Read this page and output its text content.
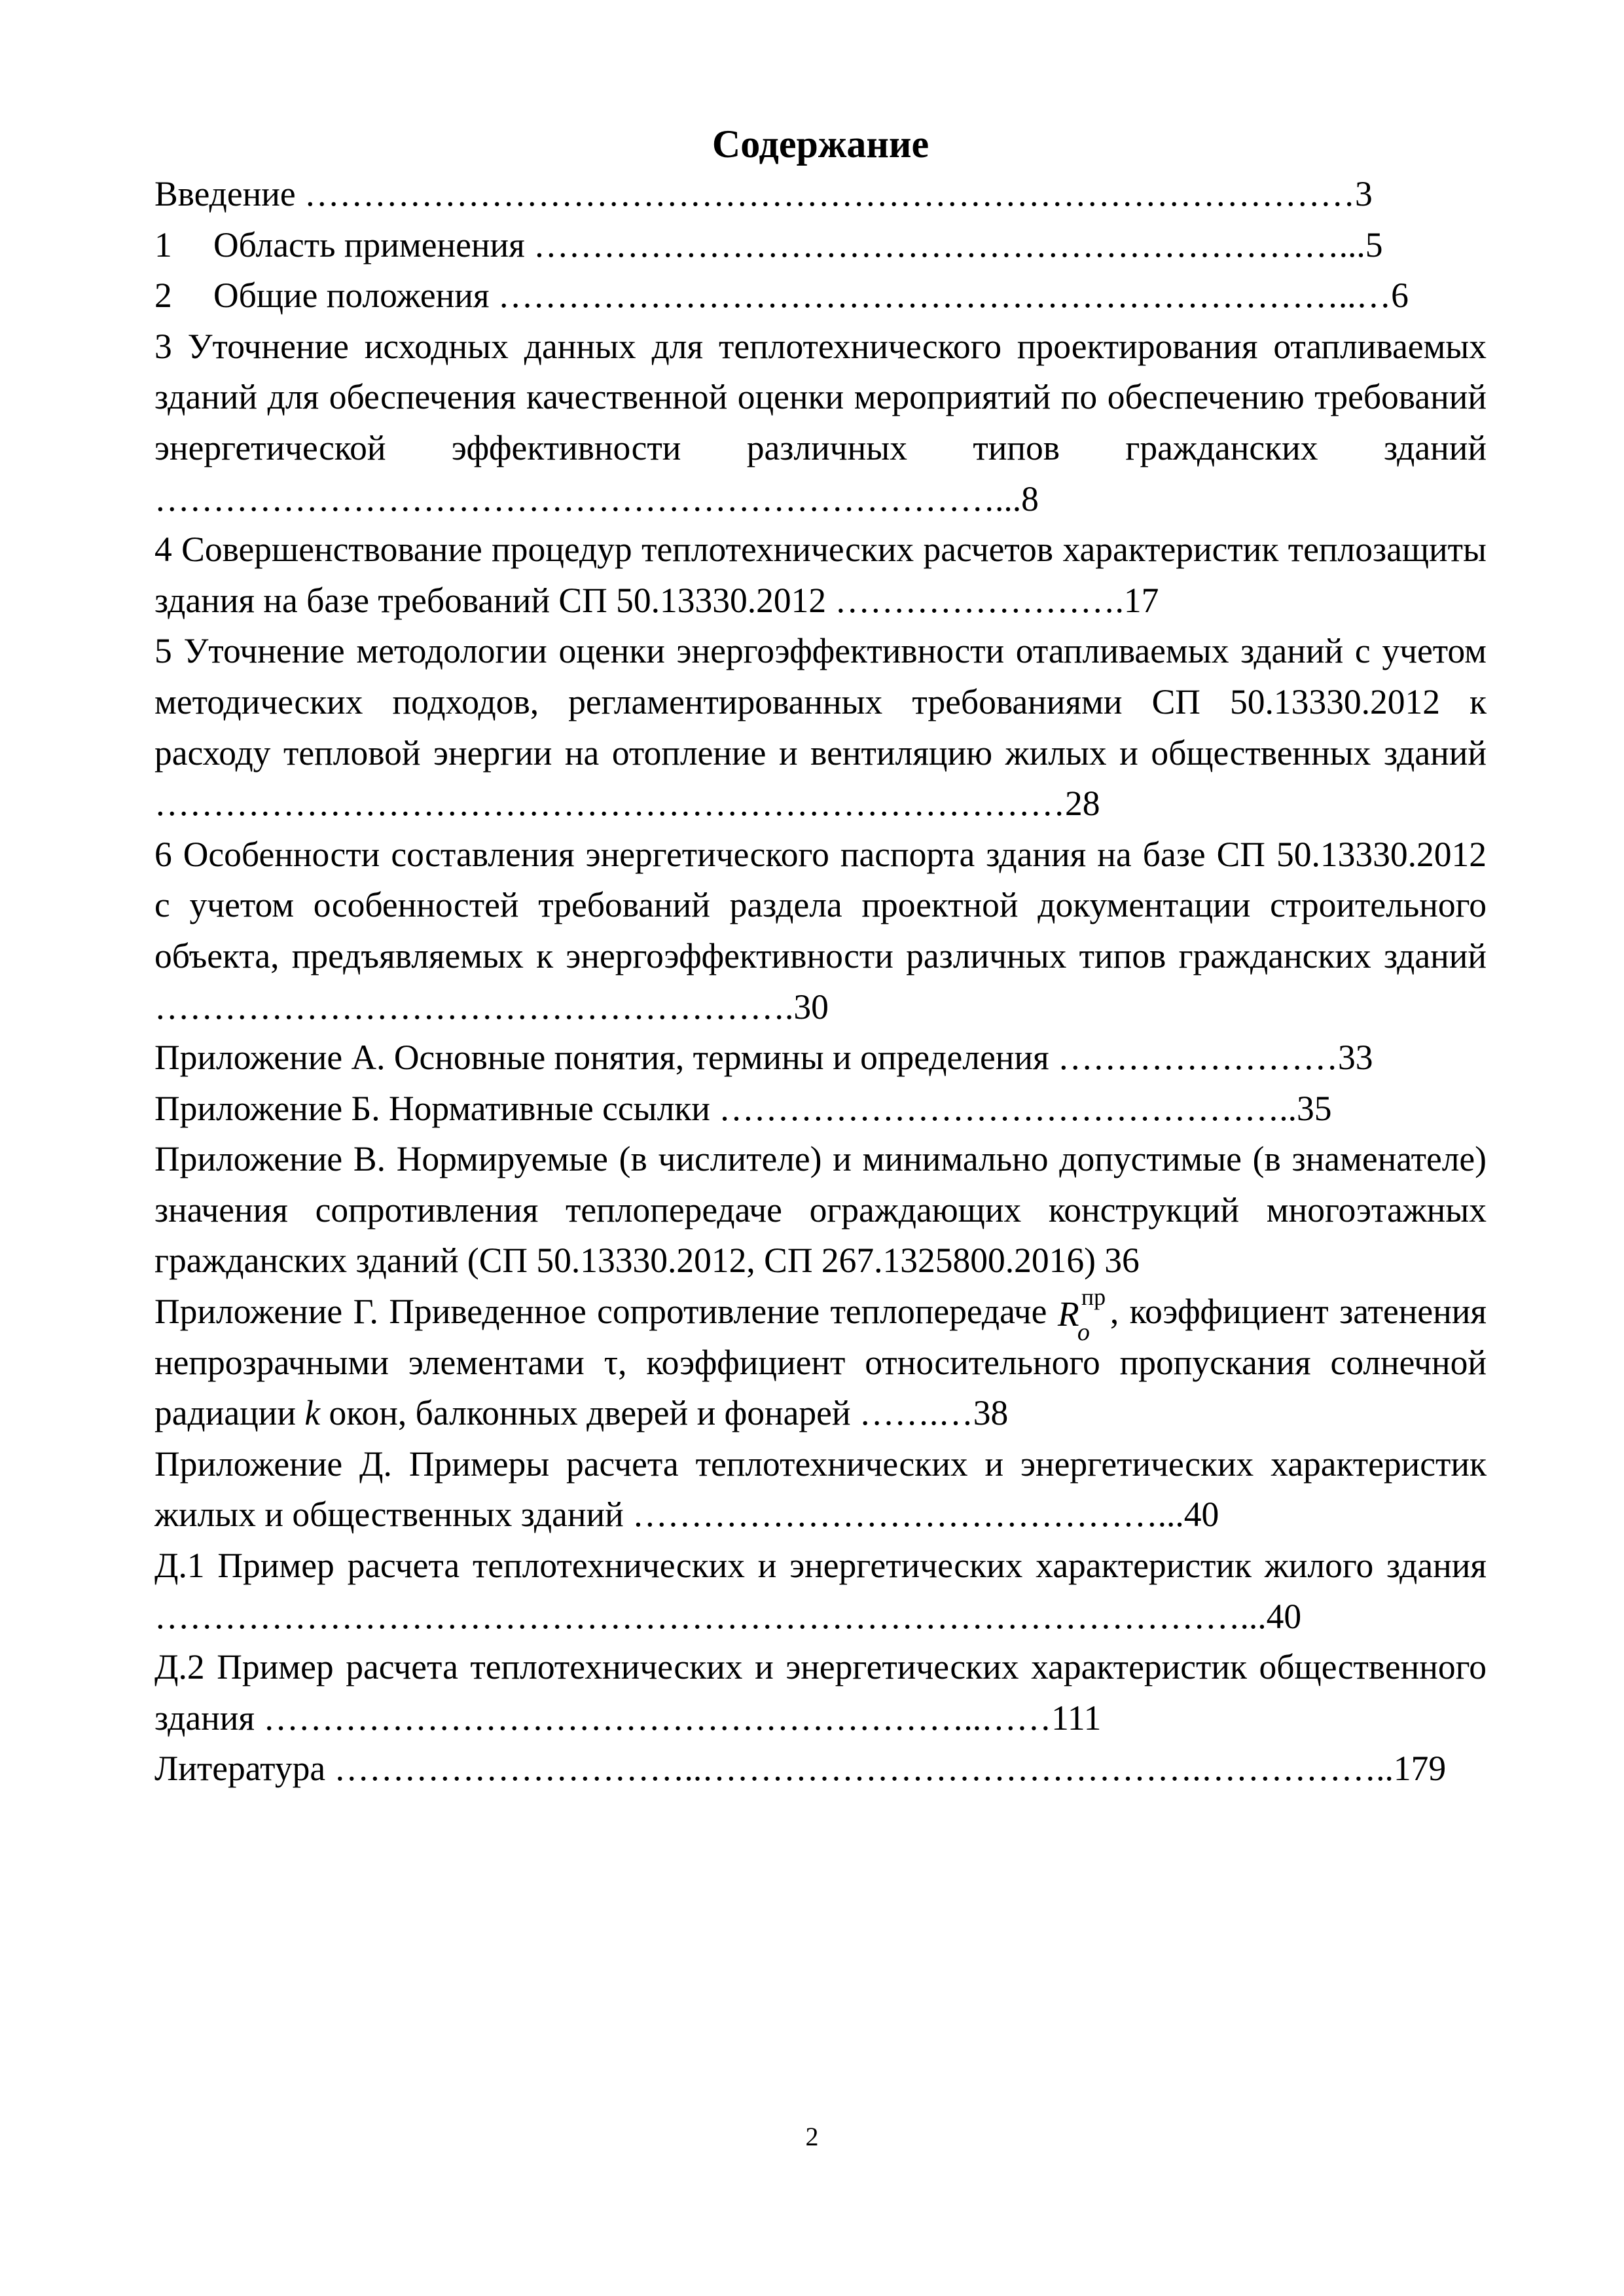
Содержание

Введение ………………………………………………………………………………3

1 Область применения ……………………………………………………………...5

2 Общие положения ………………………………………………………………..…6

3 Уточнение исходных данных для теплотехнического проектирования отапливаемых зданий для обеспечения качественной оценки мероприятий по обеспечению требований энергетической эффективности различных типов гражданских зданий ………………………………………………………………...8

4 Совершенствование процедур теплотехнических расчетов характеристик теплозащиты здания на базе требований СП 50.13330.2012 …………………….17

5 Уточнение методологии оценки энергоэффективности отапливаемых зданий с учетом методических подходов, регламентированных требованиями СП 50.13330.2012 к расходу тепловой энергии на отопление и вентиляцию жилых и общественных зданий ……………………………………………………………………28

6 Особенности составления энергетического паспорта здания на базе СП 50.13330.2012 с учетом особенностей требований раздела проектной документации строительного объекта, предъявляемых к энергоэффективности различных типов гражданских зданий ……………………………………………….30

Приложение А. Основные понятия, термины и определения ……………………33

Приложение Б. Нормативные ссылки …………………………………………..35

Приложение В. Нормируемые (в числителе) и минимально допустимые (в знаменателе) значения сопротивления теплопередаче ограждающих конструкций многоэтажных гражданских зданий (СП 50.13330.2012, СП 267.1325800.2016) 36

Приложение Г. Приведенное сопротивление теплопередаче R
o
пр , коэффициент затенения непрозрачными элементами τ, коэффициент относительного пропускания солнечной радиации k окон, балконных дверей и фонарей …….…38

Приложение Д. Примеры расчета теплотехнических и энергетических характеристик жилых и общественных зданий ………………………………………...40

Д.1 Пример расчета теплотехнических и энергетических характеристик жилого здания …………………………………………………………………………………...40

Д.2 Пример расчета теплотехнических и энергетических характеристик общественного здания ……………………………………………………..……111

Литература …………………………..…………………………………….……………..179

2
